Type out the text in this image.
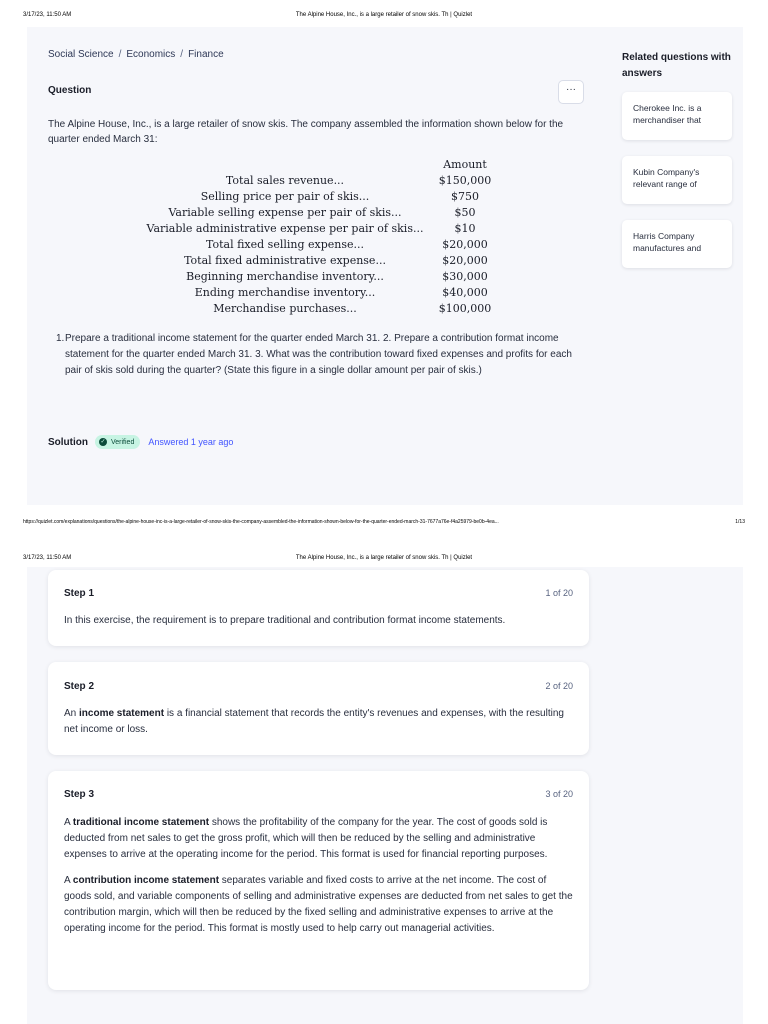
3/17/23, 11:50 AM	The Alpine House, Inc., is a large retailer of snow skis. Th | Quizlet
Social Science / Economics / Finance
Question	···
The Alpine House, Inc., is a large retailer of snow skis. The company assembled the information shown below for the quarter ended March 31:
	Amount
Total sales revenue...	$150,000
Selling price per pair of skis...	$750
Variable selling expense per pair of skis...	$50
Variable administrative expense per pair of skis...	$10
Total fixed selling expense...	$20,000
Total fixed administrative expense...	$20,000
Beginning merchandise inventory...	$30,000
Ending merchandise inventory...	$40,000
Merchandise purchases...	$100,000
1. Prepare a traditional income statement for the quarter ended March 31. 2. Prepare a contribution format income statement for the quarter ended March 31. 3. What was the contribution toward fixed expenses and profits for each pair of skis sold during the quarter? (State this figure in a single dollar amount per pair of skis.)
Solution ✓ Verified Answered 1 year ago
Related questions with answers
Cherokee Inc. is a merchandiser that
Kubin Company's relevant range of
Harris Company manufactures and
https://quizlet.com/explanations/questions/the-alpine-house-inc-is-a-large-retailer-of-snow-skis-the-company-assembled-the-information-shown-below-for-the-quarter-ended-march-31-7677a76e-f4a25979-be0b-4ea...	1/13
3/17/23, 11:50 AM	The Alpine House, Inc., is a large retailer of snow skis. Th | Quizlet
Step 1	1 of 20
In this exercise, the requirement is to prepare traditional and contribution format income statements.
Step 2	2 of 20
An income statement is a financial statement that records the entity's revenues and expenses, with the resulting net income or loss.
Step 3	3 of 20
A traditional income statement shows the profitability of the company for the year. The cost of goods sold is deducted from net sales to get the gross profit, which will then be reduced by the selling and administrative expenses to arrive at the operating income for the period. This format is used for financial reporting purposes.
A contribution income statement separates variable and fixed costs to arrive at the net income. The cost of goods sold, and variable components of selling and administrative expenses are deducted from net sales to get the contribution margin, which will then be reduced by the fixed selling and administrative expenses to arrive at the operating income for the period. This format is mostly used to help carry out managerial activities.
